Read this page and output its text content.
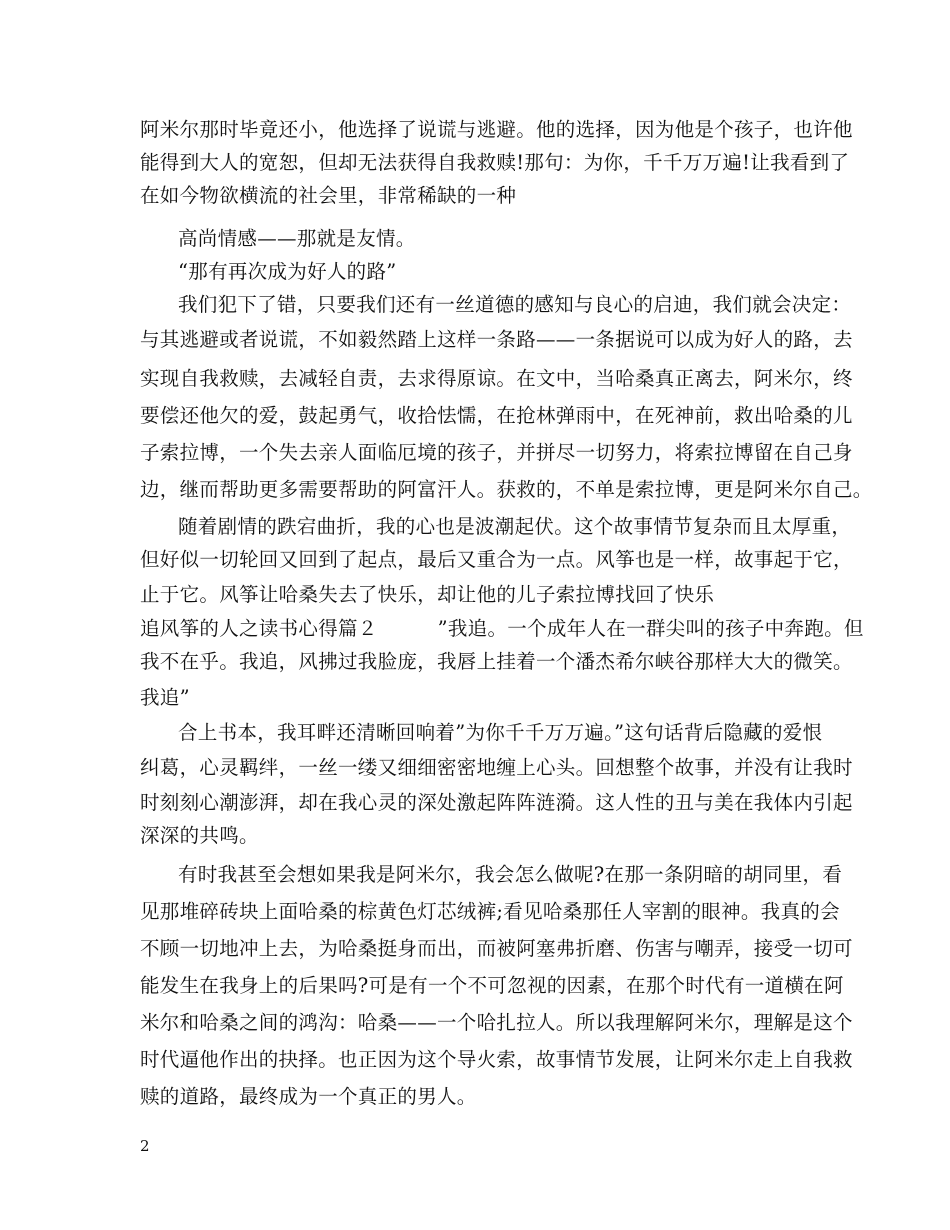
阿米尔那时毕竟还小，他选择了说谎与逃避。他的选择，因为他是个孩子，也许他
能得到大人的宽恕，但却无法获得自我救赎!那句：为你，千千万万遍!让我看到了
在如今物欲横流的社会里，非常稀缺的一种
高尚情感——那就是友情。
“那有再次成为好人的路”
我们犯下了错，只要我们还有一丝道德的感知与良心的启迪，我们就会决定：
与其逃避或者说谎，不如毅然踏上这样一条路——一条据说可以成为好人的路，去
实现自我救赎，去减轻自责，去求得原谅。在文中，当哈桑真正离去，阿米尔，终
要偿还他欠的爱，鼓起勇气，收拾怯懦，在抢林弹雨中，在死神前，救出哈桑的儿
子索拉博，一个失去亲人面临厄境的孩子，并拼尽一切努力，将索拉博留在自己身
边，继而帮助更多需要帮助的阿富汗人。获救的，不单是索拉博，更是阿米尔自己。
随着剧情的跌宕曲折，我的心也是波潮起伏。这个故事情节复杂而且太厚重，
但好似一切轮回又回到了起点，最后又重合为一点。风筝也是一样，故事起于它，
止于它。风筝让哈桑失去了快乐，却让他的儿子索拉博找回了快乐
追风筝的人之读书心得篇２	”我追。一个成年人在一群尖叫的孩子中奔跑。但
我不在乎。我追，风拂过我脸庞，我唇上挂着一个潘杰希尔峡谷那样大大的微笑。
我追”
合上书本，我耳畔还清晰回响着”为你千千万万遍。”这句话背后隐藏的爱恨
纠葛，心灵羁绊，一丝一缕又细细密密地缠上心头。回想整个故事，并没有让我时
时刻刻心潮澎湃，却在我心灵的深处激起阵阵涟漪。这人性的丑与美在我体内引起
深深的共鸣。
有时我甚至会想如果我是阿米尔，我会怎么做呢?在那一条阴暗的胡同里，看
见那堆碎砖块上面哈桑的棕黄色灯芯绒裤;看见哈桑那任人宰割的眼神。我真的会
不顾一切地冲上去，为哈桑挺身而出，而被阿塞弗折磨、伤害与嘲弄，接受一切可
能发生在我身上的后果吗?可是有一个不可忽视的因素，在那个时代有一道横在阿
米尔和哈桑之间的鸿沟：哈桑——一个哈扎拉人。所以我理解阿米尔，理解是这个
时代逼他作出的抉择。也正因为这个导火索，故事情节发展，让阿米尔走上自我救
赎的道路，最终成为一个真正的男人。
2
